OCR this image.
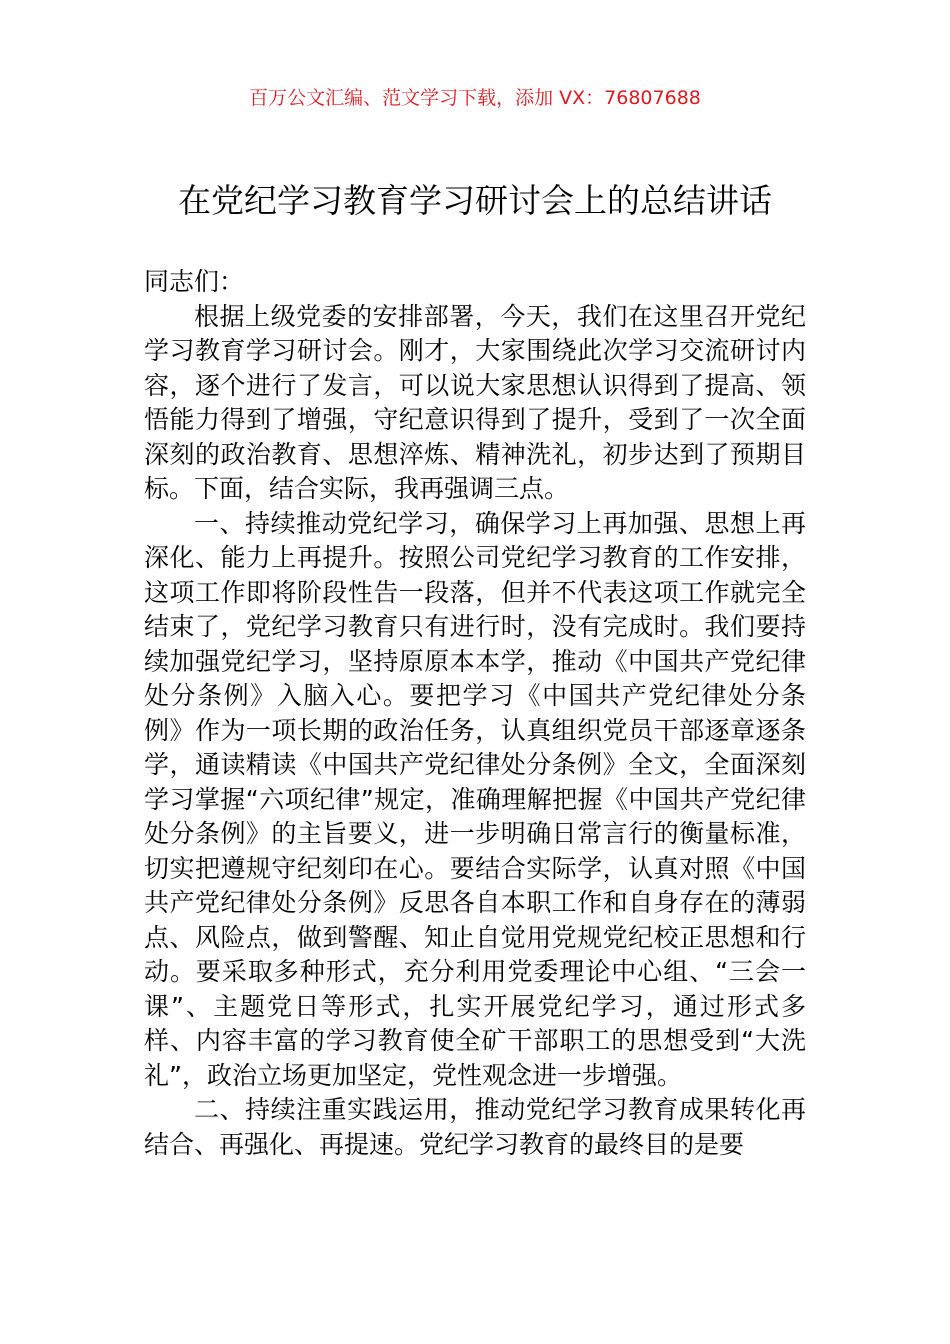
百万公文汇编、范文学习下载，添加 VX：76807688
在党纪学习教育学习研讨会上的总结讲话

同志们：

根据上级党委的安排部署，今天，我们在这里召开党纪学习教育学习研讨会。刚才，大家围绕此次学习交流研讨内容，逐个进行了发言，可以说大家思想认识得到了提高、领悟能力得到了增强，守纪意识得到了提升，受到了一次全面深刻的政治教育、思想淬炼、精神洗礼，初步达到了预期目标。下面，结合实际，我再强调三点。

一、持续推动党纪学习，确保学习上再加强、思想上再深化、能力上再提升。按照公司党纪学习教育的工作安排，这项工作即将阶段性告一段落，但并不代表这项工作就完全结束了，党纪学习教育只有进行时，没有完成时。我们要持续加强党纪学习，坚持原原本本学，推动《中国共产党纪律处分条例》入脑入心。要把学习《中国共产党纪律处分条例》作为一项长期的政治任务，认真组织党员干部逐章逐条学，通读精读《中国共产党纪律处分条例》全文，全面深刻学习掌握“六项纪律”规定，准确理解把握《中国共产党纪律处分条例》的主旨要义，进一步明确日常言行的衡量标准，切实把遵规守纪刻印在心。要结合实际学，认真对照《中国共产党纪律处分条例》反思各自本职工作和自身存在的薄弱点、风险点，做到警醒、知止自觉用党规党纪校正思想和行动。要采取多种形式，充分利用党委理论中心组、“三会一课”、主题党日等形式，扎实开展党纪学习，通过形式多样、内容丰富的学习教育使全矿干部职工的思想受到“大洗礼”，政治立场更加坚定，党性观念进一步增强。

二、持续注重实践运用，推动党纪学习教育成果转化再结合、再强化、再提速。党纪学习教育的最终目的是要
